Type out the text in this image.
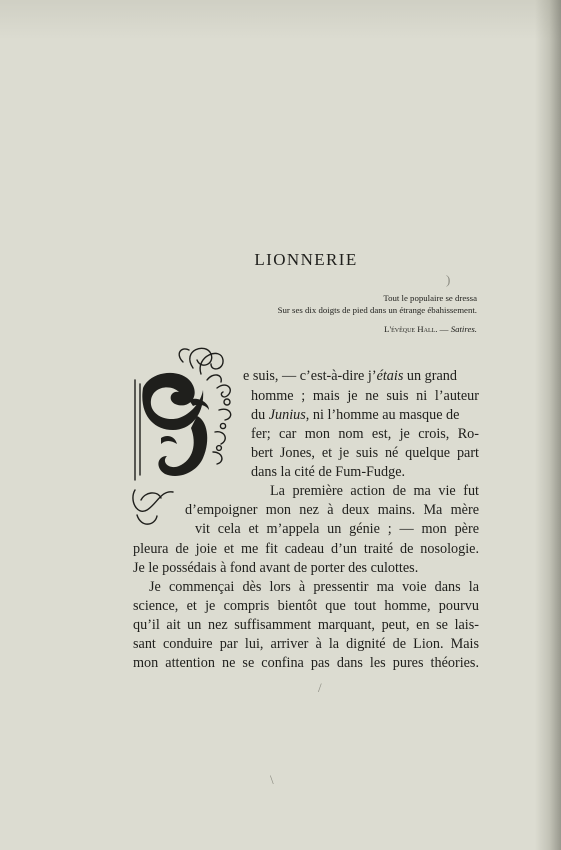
LIONNERIE
)
Tout le populaire se dressa
Sur ses dix doigts de pied dans un étrange ébahissement.
L'évêque Hall. — Satires.
e suis, — c’est-à-dire j’étais un grand
homme ; mais je ne suis ni l’auteur
du Junius, ni l’homme au masque de
fer; car mon nom est, je crois, Ro-
bert Jones, et je suis né quelque part
dans la cité de Fum-Fudge.
La première action de ma vie fut
d’empoigner mon nez à deux mains. Ma mère
vit cela et m’appela un génie ; — mon père
pleura de joie et me fit cadeau d’un traité de nosologie.
Je le possédais à fond avant de porter des culottes.
Je commençai dès lors à pressentir ma voie dans la
science, et je compris bientôt que tout homme, pourvu
qu’il ait un nez suffisamment marquant, peut, en se lais-
sant conduire par lui, arriver à la dignité de Lion. Mais
mon attention ne se confina pas dans les pures théories.
/
\
